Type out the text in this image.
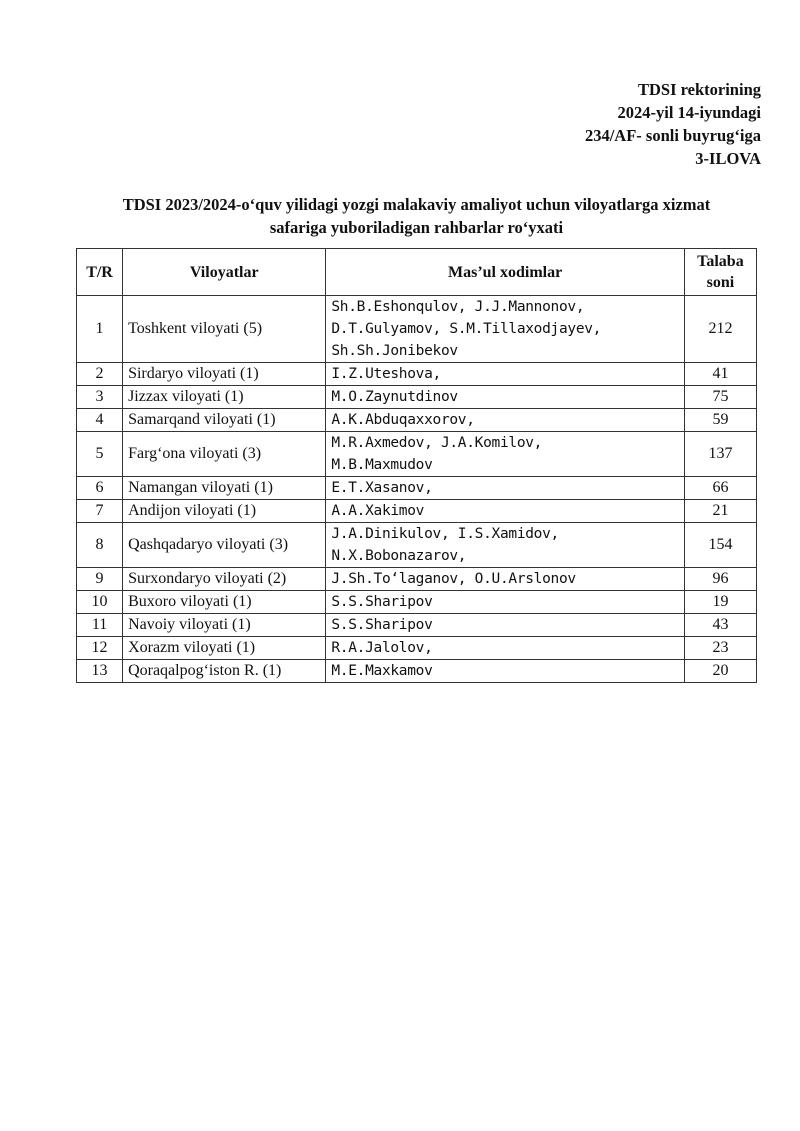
TDSI rektorining
2024-yil 14-iyundagi
234/AF- sonli buyrug‘iga
3-ILOVA
TDSI 2023/2024-o‘quv yilidagi yozgi malakaviy amaliyot uchun viloyatlarga xizmat
safariga yuboriladigan rahbarlar ro‘yxati
T/R	Viloyatlar	Mas’ul xodimlar	Talaba
soni

1	Toshkent viloyati (5)	Sh.B.Eshonqulov, J.J.Mannonov,
D.T.Gulyamov, S.M.Tillaxodjayev,
Sh.Sh.Jonibekov	212
2	Sirdaryo viloyati (1)	I.Z.Uteshova,	41
3	Jizzax viloyati (1)	M.O.Zaynutdinov	75
4	Samarqand viloyati (1)	A.K.Abduqaxxorov,	59
5	Farg‘ona viloyati (3)	M.R.Axmedov, J.A.Komilov,
M.B.Maxmudov	137
6	Namangan viloyati (1)	E.T.Xasanov,	66
7	Andijon viloyati (1)	A.A.Xakimov	21
8	Qashqadaryo viloyati (3)	J.A.Dinikulov, I.S.Xamidov,
N.X.Bobonazarov,	154
9	Surxondaryo viloyati (2)	J.Sh.To‘laganov, O.U.Arslonov	96
10	Buxoro viloyati (1)	S.S.Sharipov	19
11	Navoiy viloyati (1)	S.S.Sharipov	43
12	Xorazm viloyati (1)	R.A.Jalolov,	23
13	Qoraqalpog‘iston R. (1)	M.E.Maxkamov	20
